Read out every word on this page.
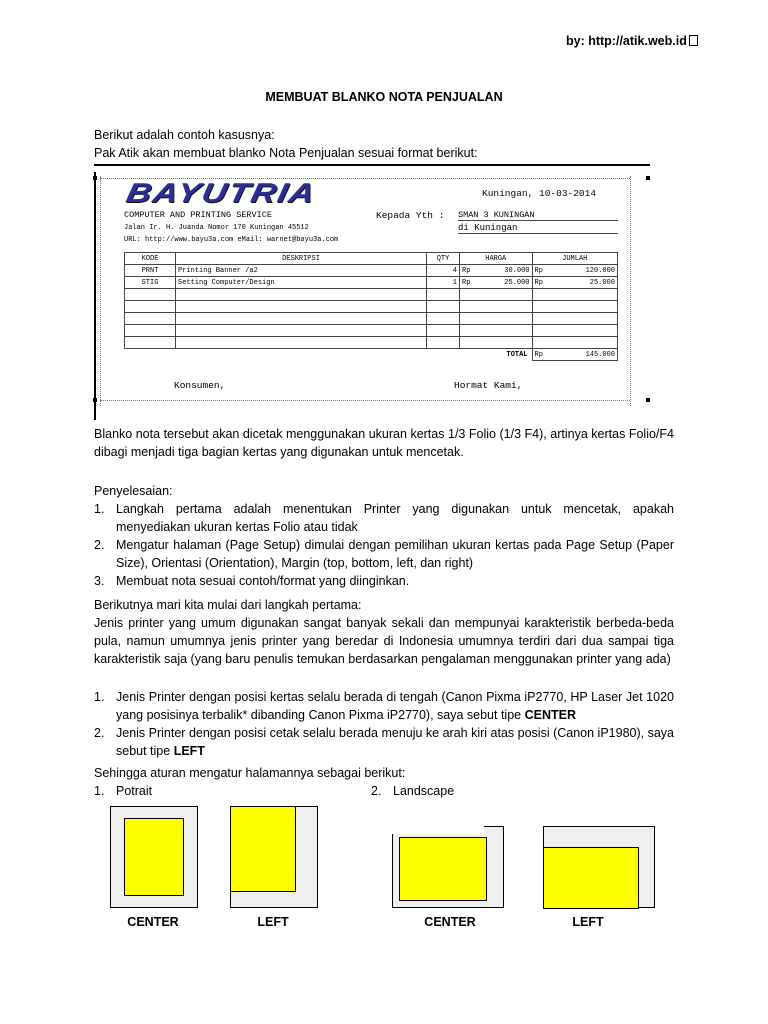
by: http://atik.web.id
MEMBUAT BLANKO NOTA PENJUALAN
Berikut adalah contoh kasusnya:
Pak Atik akan membuat blanko Nota Penjualan sesuai format berikut:
BAYUTRIA	Kuningan, 10-03-2014
COMPUTER AND PRINTING SERVICE
Jalan Ir. H. Juanda Nomor 170 Kuningan 45512
URL: http://www.bayu3a.com eMail: warnet@bayu3a.com
Kepada Yth : SMAN 3 KUNINGAN
di Kuningan
KODE	DESKRIPSI	QTY	HARGA		JUMLAH	
PRNT	Printing Banner /a2	4	Rp	30.000	Rp	120.000
STIG	Setting Computer/Design	1	Rp	25.000	Rp	25.000

TOTAL					Rp	145.000
Konsumen,	Hormat Kami,
Blanko nota tersebut akan dicetak menggunakan ukuran kertas 1/3 Folio (1/3 F4), artinya kertas Folio/F4 dibagi menjadi tiga bagian kertas yang digunakan untuk mencetak.
Penyelesaian:
1. Langkah pertama adalah menentukan Printer yang digunakan untuk mencetak, apakah menyediakan ukuran kertas Folio atau tidak
2. Mengatur halaman (Page Setup) dimulai dengan pemilihan ukuran kertas pada Page Setup (Paper Size), Orientasi (Orientation), Margin (top, bottom, left, dan right)
3. Membuat nota sesuai contoh/format yang diinginkan.
Berikutnya mari kita mulai dari langkah pertama:
Jenis printer yang umum digunakan sangat banyak sekali dan mempunyai karakteristik berbeda-beda pula, namun umumnya jenis printer yang beredar di Indonesia umumnya terdiri dari dua sampai tiga karakteristik saja (yang baru penulis temukan berdasarkan pengalaman menggunakan printer yang ada)
1. Jenis Printer dengan posisi kertas selalu berada di tengah (Canon Pixma iP2770, HP Laser Jet 1020 yang posisinya terbalik* dibanding Canon Pixma iP2770), saya sebut tipe CENTER
2. Jenis Printer dengan posisi cetak selalu berada menuju ke arah kiri atas posisi (Canon iP1980), saya sebut tipe LEFT
Sehingga aturan mengatur halamannya sebagai berikut:
1. Potrait	2. Landscape
CENTER	LEFT	CENTER	LEFT
